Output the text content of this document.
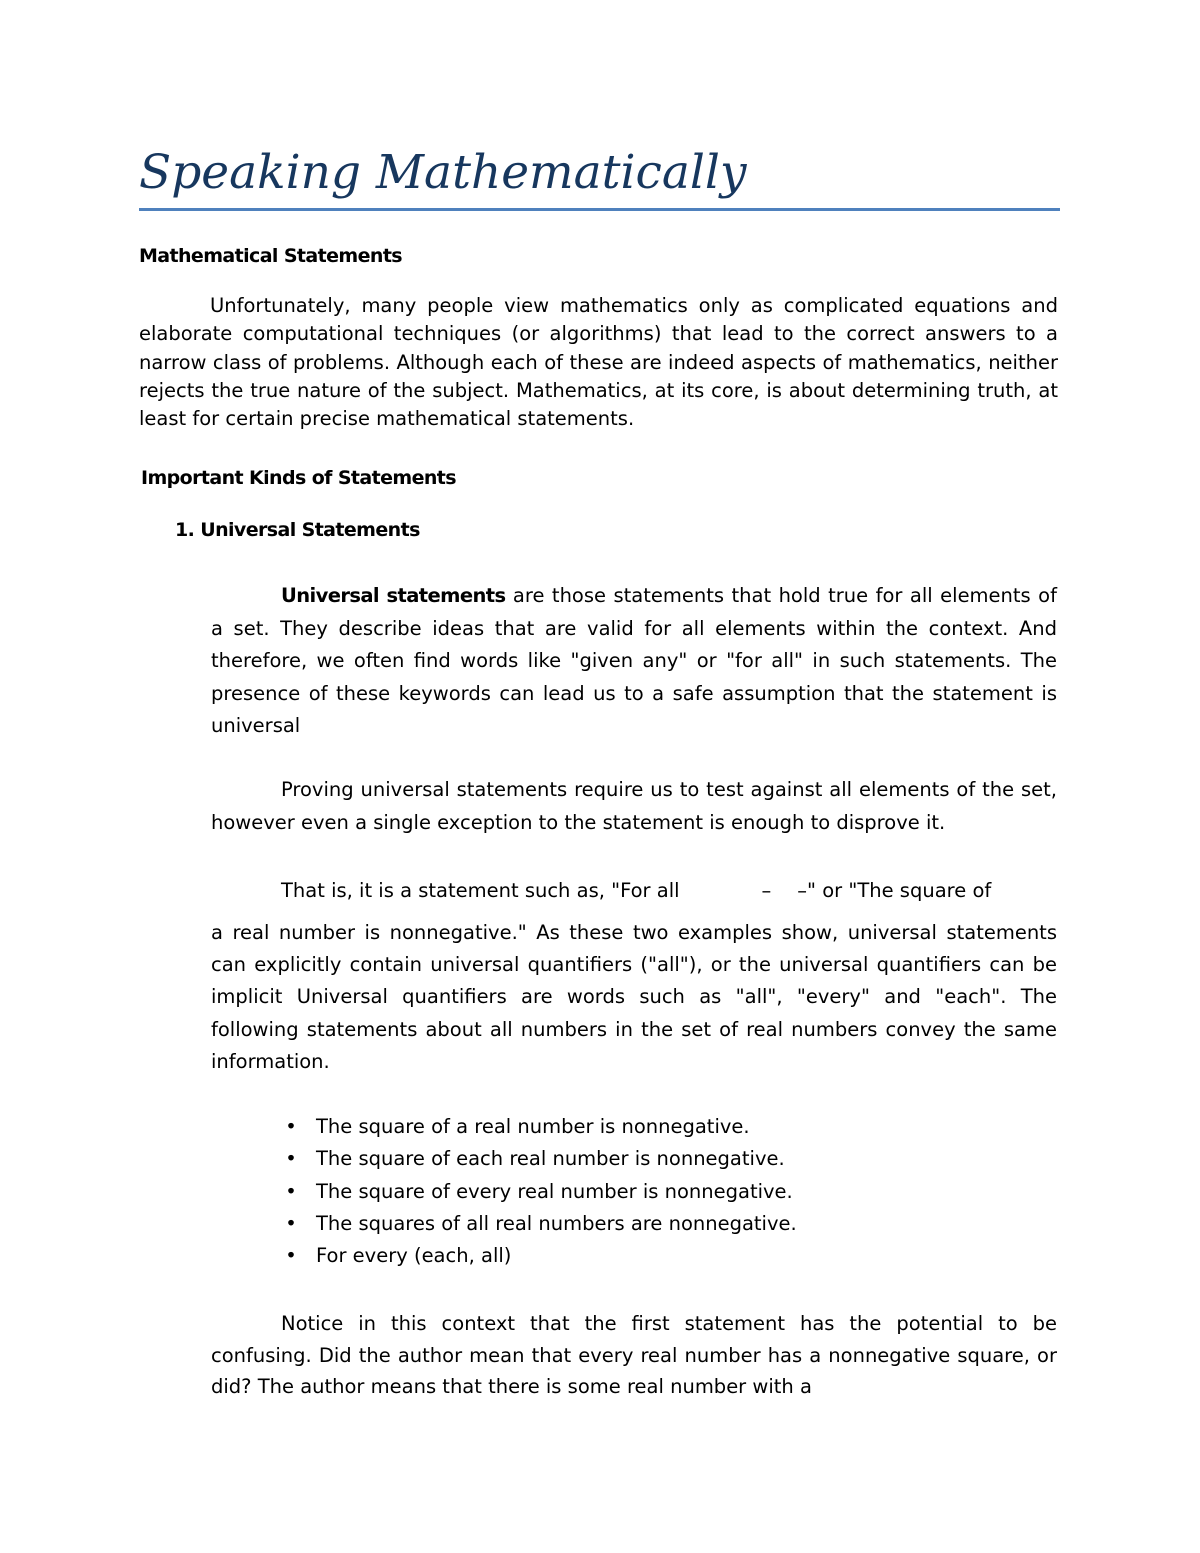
Speaking Mathematically
Mathematical Statements

Unfortunately, many people view mathematics only as complicated equations and elaborate computational techniques (or algorithms) that lead to the correct answers to a narrow class of problems. Although each of these are indeed aspects of mathematics, neither rejects the true nature of the subject. Mathematics, at its core, is about determining truth, at least for certain precise mathematical statements.

Important Kinds of Statements
1. Universal Statements

Universal statements are those statements that hold true for all elements of a set. They describe ideas that are valid for all elements within the context. And therefore, we often find words like "given any" or "for all" in such statements. The presence of these keywords can lead us to a safe assumption that the statement is universal

Proving universal statements require us to test against all elements of the set, however even a single exception to the statement is enough to disprove it.

That is, it is a statement such as, "For all	– –" or "The square of

a real number is nonnegative." As these two examples show, universal statements can explicitly contain universal quantifiers ("all"), or the universal quantifiers can be implicit Universal quantifiers are words such as "all", "every" and "each". The following statements about all numbers in the set of real numbers convey the same information.

• The square of a real number is nonnegative.
• The square of each real number is nonnegative.
• The square of every real number is nonnegative.
• The squares of all real numbers are nonnegative.
• For every (each, all)

Notice in this context that the first statement has the potential to be confusing. Did the author mean that every real number has a nonnegative square, or did? The author means that there is some real number with a
